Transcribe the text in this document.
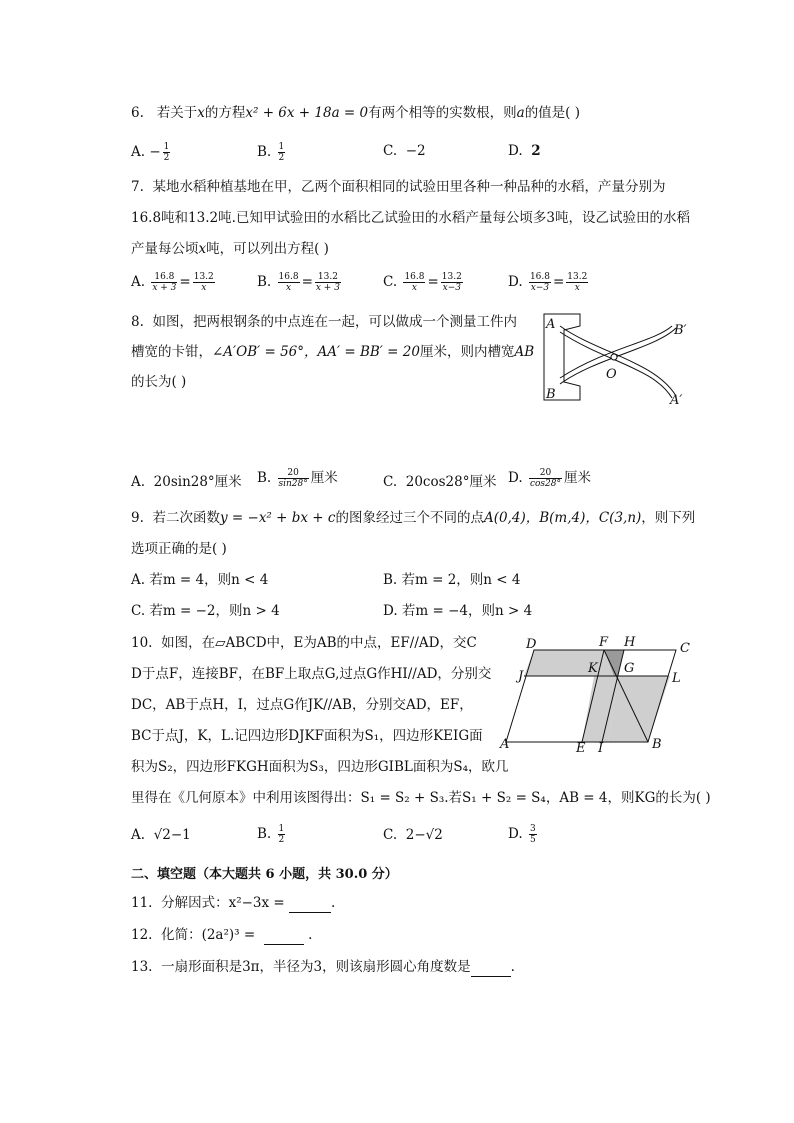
6. 若关于x的方程x² + 6x + 18a = 0有两个相等的实数根，则a的值是( )
A. − $\frac{1}{2}$	B. $\frac{1}{2}$	C. −2	D. 2
7. 某地水稻种植基地在甲，乙两个面积相同的试验田里各种一种品种的水稻，产量分别为
16.8吨和13.2吨.已知甲试验田的水稻比乙试验田的水稻产量每公顷多3吨，设乙试验田的水稻
产量每公顷x吨，可以列出方程( )
A. $\frac{16.8}{x + 3} = \frac{13.2}{x}$	B. $\frac{16.8}{x} = \frac{13.2}{x + 3}$	C. $\frac{16.8}{x} = \frac{13.2}{x-3}$	D. $\frac{16.8}{x-3} = \frac{13.2}{x}$
8. 如图，把两根钢条的中点连在一起，可以做成一个测量工件内
槽宽的卡钳，∠A′OB′ = 56°，AA′ = BB′ = 20厘米，则内槽宽AB
的长为( )
A
B
B′
A′
O
A. 20sin28°厘米 B. $\frac{20}{\sin 28^\circ}$ 厘米	C. 20cos28°厘米 D. $\frac{20}{\cos 28^\circ}$ 厘米
9. 若二次函数y = −x² + bx + c的图象经过三个不同的点A(0,4)，B(m,4)，C(3,n)，则下列
选项正确的是( )
A. 若m = 4，则n < 4	B. 若m = 2，则n < 4
C. 若m = −2，则n > 4	D. 若m = −4，则n > 4
10. 如图，在▱ABCD中，E为AB的中点，EF//AD，交C
D于点F，连接BF，在BF上取点G,过点G作HI//AD，分别交
DC，AB于点H，I，过点G作JK//AB，分别交AD，EF，
BC于点J，K，L.记四边形DJKF面积为S₁，四边形KEIG面
积为S₂，四边形FKGH面积为S₃，四边形GIBL面积为S₄，欧几
里得在《几何原本》中利用该图得出：S₁ = S₂ + S₃.若S₁ + S₂ = S₄，AB = 4，则KG的长为( )
D	F H	C
J
K G
L
A	E I	B
A. √2−1	B. $\frac{1}{2}$	C. 2−√2	D. $\frac{3}{5}$
二、填空题（本大题共 6 小题，共 30.0 分）
11. 分解因式：x²−3x =	.
12. 化简：(2a²)³ =	.
13. 一扇形面积是3π，半径为3，则该扇形圆心角度数是	.
